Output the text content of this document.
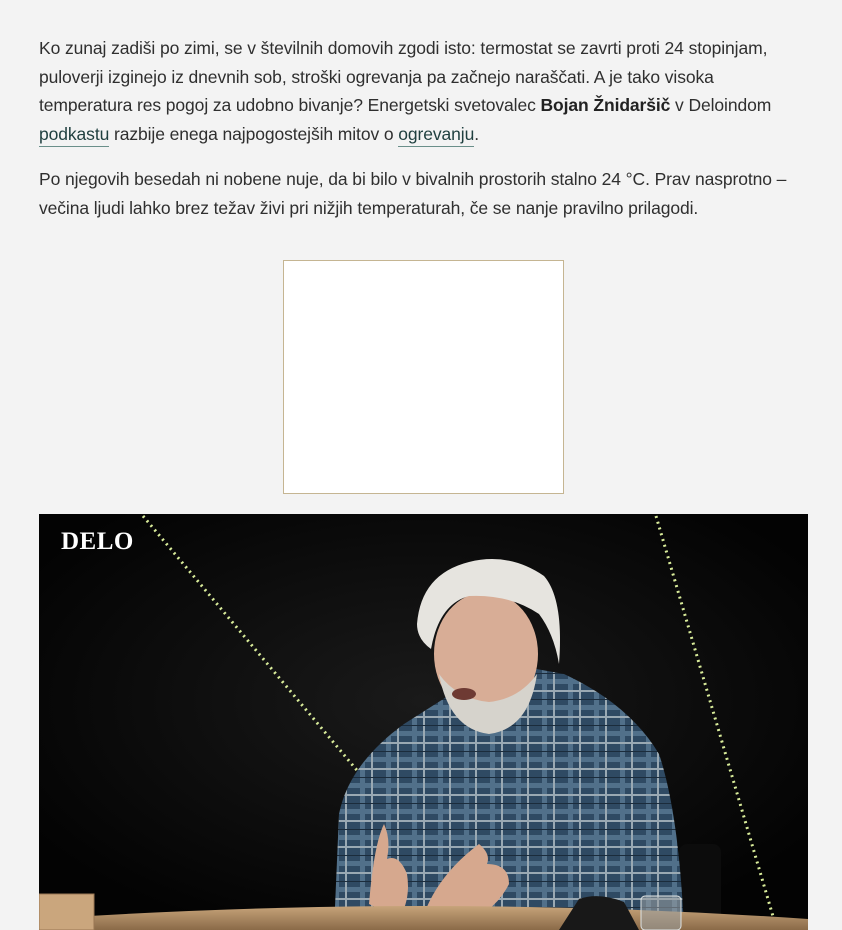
Ko zunaj zadiši po zimi, se v številnih domovih zgodi isto: termostat se zavrti proti 24 stopinjam, puloverji izginejo iz dnevnih sob, stroški ogrevanja pa začnejo naraščati. A je tako visoka temperatura res pogoj za udobno bivanje? Energetski svetovalec Bojan Žnidaršič v Deloindom podkastu razbije enega najpogostejših mitov o ogrevanju.

Po njegovih besedah ni nobene nuje, da bi bilo v bivalnih prostorih stalno 24 °C. Prav nasprotno – večina ljudi lahko brez težav živi pri nižjih temperaturah, če se nanje pravilno prilagodi.

DELO
